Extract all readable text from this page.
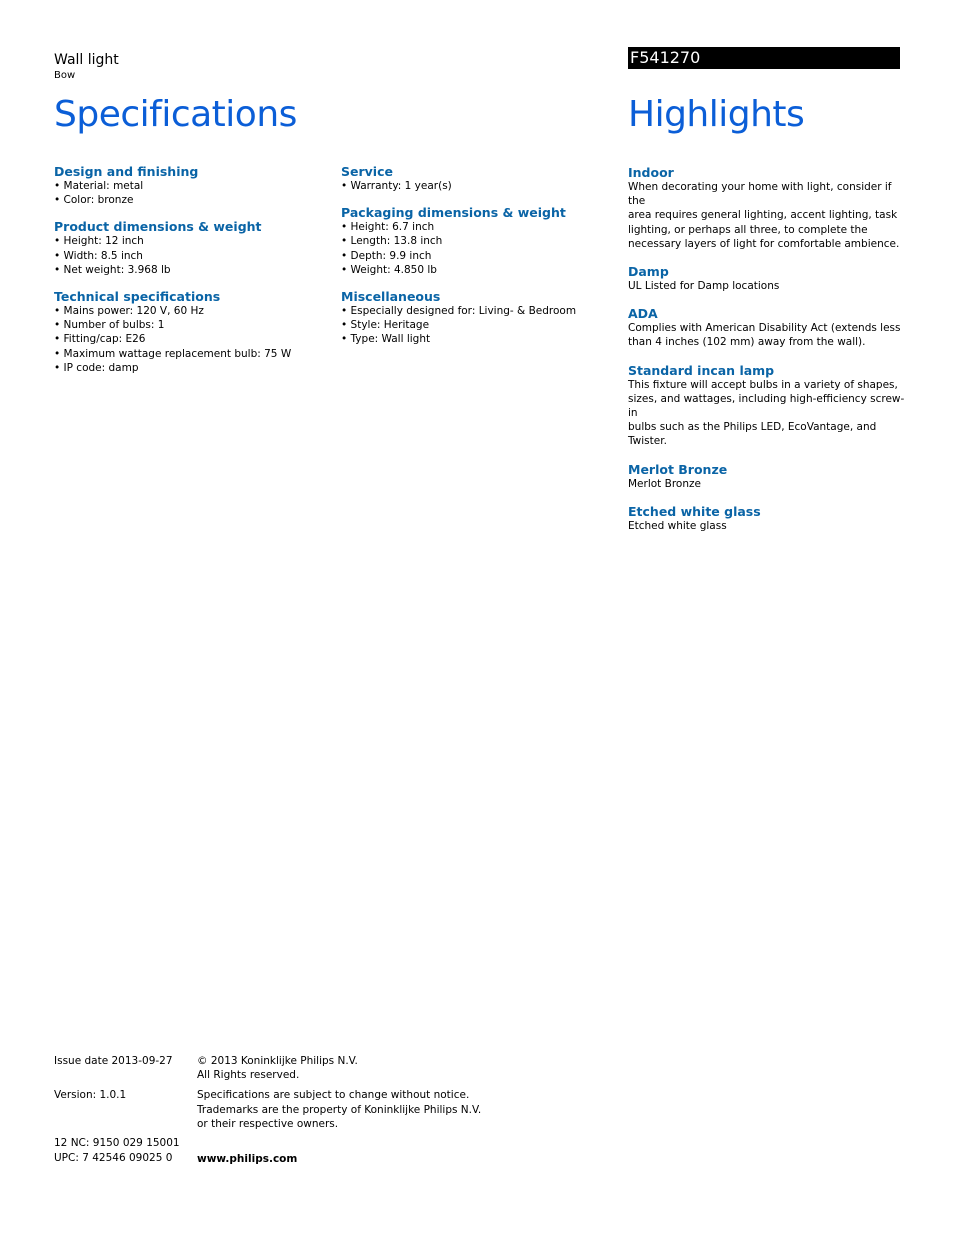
Wall light
Bow
F541270
Specifications	Highlights
Design and finishing
• Material: metal
• Color: bronze
Product dimensions & weight
• Height: 12 inch
• Width: 8.5 inch
• Net weight: 3.968 lb
Technical specifications
• Mains power: 120 V, 60 Hz
• Number of bulbs: 1
• Fitting/cap: E26
• Maximum wattage replacement bulb: 75 W
• IP code: damp
Service
• Warranty: 1 year(s)
Packaging dimensions & weight
• Height: 6.7 inch
• Length: 13.8 inch
• Depth: 9.9 inch
• Weight: 4.850 lb
Miscellaneous
• Especially designed for: Living- & Bedroom
• Style: Heritage
• Type: Wall light
Indoor
When decorating your home with light, consider if the
area requires general lighting, accent lighting, task
lighting, or perhaps all three, to complete the
necessary layers of light for comfortable ambience.
Damp
UL Listed for Damp locations
ADA
Complies with American Disability Act (extends less
than 4 inches (102 mm) away from the wall).
Standard incan lamp
This fixture will accept bulbs in a variety of shapes,
sizes, and wattages, including high-efficiency screw-in
bulbs such as the Philips LED, EcoVantage, and
Twister.
Merlot Bronze
Merlot Bronze
Etched white glass
Etched white glass
Issue date 2013-09-27
Version: 1.0.1
12 NC: 9150 029 15001
UPC: 7 42546 09025 0
© 2013 Koninklijke Philips N.V.
All Rights reserved.
Specifications are subject to change without notice.
Trademarks are the property of Koninklijke Philips N.V.
or their respective owners.
www.philips.com
